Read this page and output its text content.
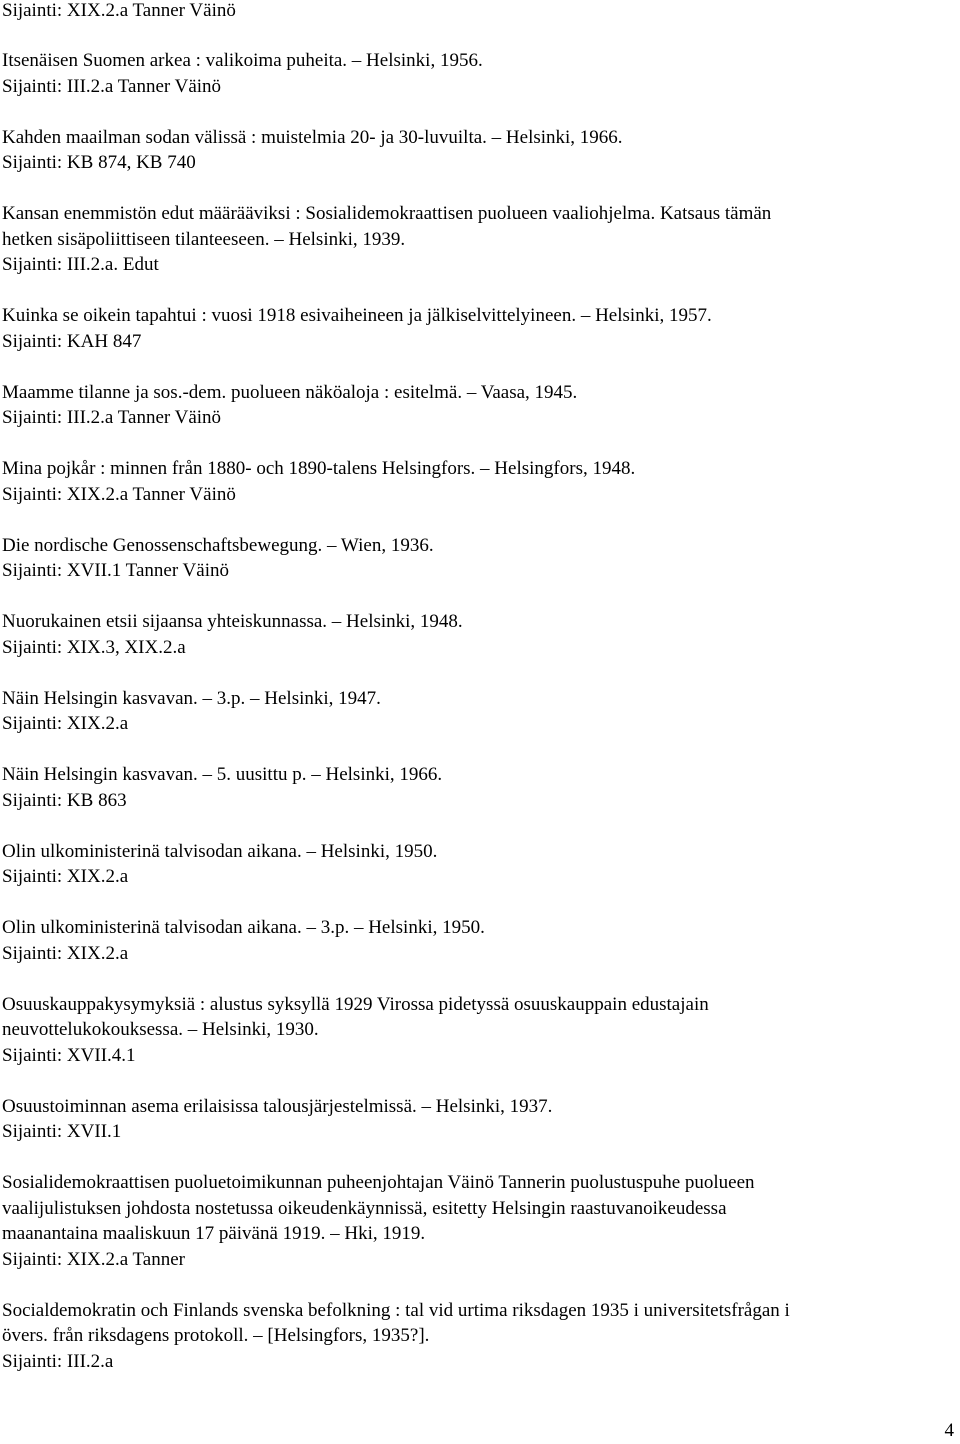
Sijainti: XIX.2.a Tanner Väinö
Itsenäisen Suomen arkea : valikoima puheita. – Helsinki, 1956.
Sijainti: III.2.a Tanner Väinö
Kahden maailman sodan välissä : muistelmia 20- ja 30-luvuilta. – Helsinki, 1966.
Sijainti: KB 874, KB 740
Kansan enemmistön edut määrääviksi : Sosialidemokraattisen puolueen vaaliohjelma. Katsaus tämän
hetken sisäpoliittiseen tilanteeseen. – Helsinki, 1939.
Sijainti: III.2.a. Edut
Kuinka se oikein tapahtui : vuosi 1918 esivaiheineen ja jälkiselvittelyineen. – Helsinki, 1957.
Sijainti: KAH 847
Maamme tilanne ja sos.-dem. puolueen näköaloja : esitelmä. – Vaasa, 1945.
Sijainti: III.2.a Tanner Väinö
Mina pojkår : minnen från 1880- och 1890-talens Helsingfors. – Helsingfors, 1948.
Sijainti: XIX.2.a Tanner Väinö
Die nordische Genossenschaftsbewegung. – Wien, 1936.
Sijainti: XVII.1 Tanner Väinö
Nuorukainen etsii sijaansa yhteiskunnassa. – Helsinki, 1948.
Sijainti: XIX.3, XIX.2.a
Näin Helsingin kasvavan. – 3.p. – Helsinki, 1947.
Sijainti: XIX.2.a
Näin Helsingin kasvavan. – 5. uusittu p. – Helsinki, 1966.
Sijainti: KB 863
Olin ulkoministerinä talvisodan aikana. – Helsinki, 1950.
Sijainti: XIX.2.a
Olin ulkoministerinä talvisodan aikana. – 3.p. – Helsinki, 1950.
Sijainti: XIX.2.a
Osuuskauppakysymyksiä : alustus syksyllä 1929 Virossa pidetyssä osuuskauppain edustajain
neuvottelukokouksessa. – Helsinki, 1930.
Sijainti: XVII.4.1
Osuustoiminnan asema erilaisissa talousjärjestelmissä. – Helsinki, 1937.
Sijainti: XVII.1
Sosialidemokraattisen puoluetoimikunnan puheenjohtajan Väinö Tannerin puolustuspuhe puolueen
vaalijulistuksen johdosta nostetussa oikeudenkäynnissä, esitetty Helsingin raastuvanoikeudessa
maanantaina maaliskuun 17 päivänä 1919. – Hki, 1919.
Sijainti: XIX.2.a Tanner
Socialdemokratin och Finlands svenska befolkning : tal vid urtima riksdagen 1935 i universitetsfrågan i
övers. från riksdagens protokoll. – [Helsingfors, 1935?].
Sijainti: III.2.a
4
